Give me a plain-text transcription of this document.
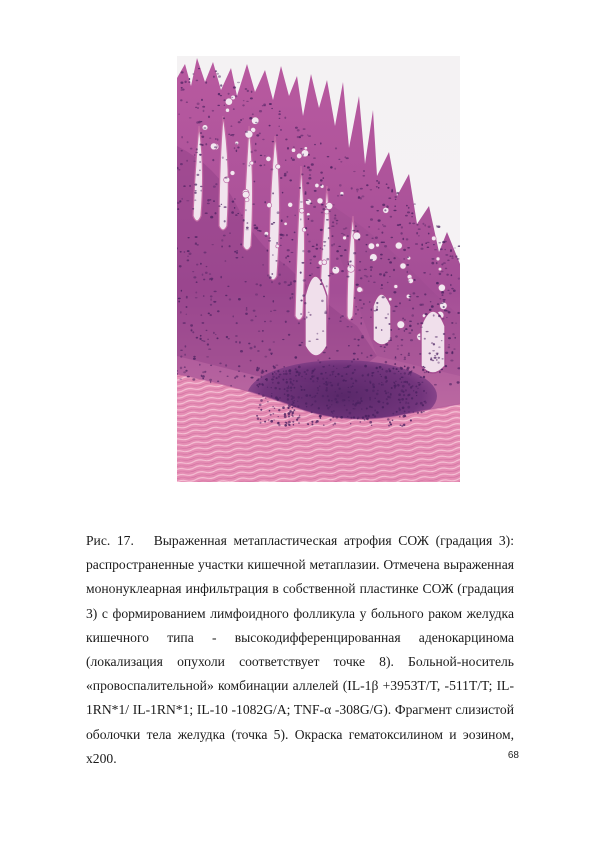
Рис. 17. Выраженная метапластическая атрофия СОЖ (градация 3): распространенные участки кишечной метаплазии. Отмечена выраженная мононуклеарная инфильтрация в собственной пластинке СОЖ (градация 3) с формированием лимфоидного фолликула у больного раком желудка кишечного типа - высокодифференцированная аденокарцинома (локализация опухоли соответствует точке 8). Больной-носитель «провоспалительной» комбинации аллелей (IL-1β +3953T/T, -511T/T; IL-1RN*1/ IL-1RN*1; IL-10 -1082G/A; TNF-α -308G/G). Фрагмент слизистой оболочки тела желудка (точка 5). Окраска гематоксилином и эозином, х200.	68
